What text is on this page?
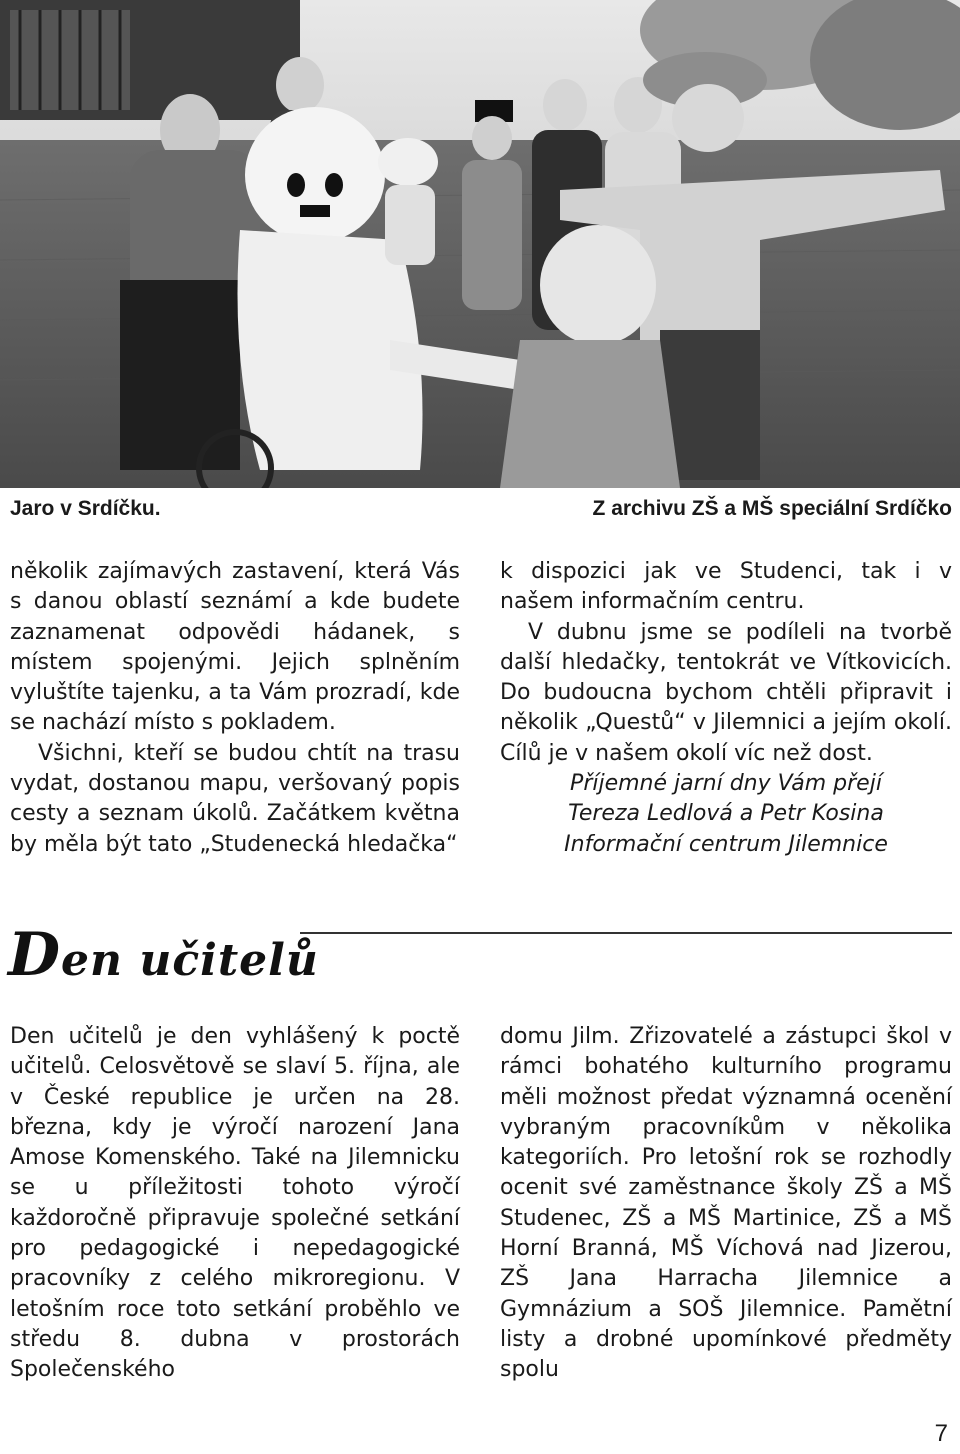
Jaro v Srdíčku.	Z archivu ZŠ a MŠ speciální Srdíčko

několik zajímavých zastavení, která Vás s danou oblastí seznámí a kde budete zaznamenat odpovědi hádanek, s místem spojenými. Jejich splněním vyluštíte tajenku, a ta Vám prozradí, kde se nachází místo s pokladem.

Všichni, kteří se budou chtít na trasu vydat, dostanou mapu, veršovaný popis cesty a seznam úkolů. Začátkem května by měla být tato „Studenecká hledačka“

k dispozici jak ve Studenci, tak i v našem informačním centru.

V dubnu jsme se podíleli na tvorbě další hledačky, tentokrát ve Vítkovicích. Do budoucna bychom chtěli připravit i několik „Questů“ v Jilemnici a jejím okolí. Cílů je v našem okolí víc než dost.

Příjemné jarní dny Vám přejí

Tereza Ledlová a Petr Kosina

Informační centrum Jilemnice

Den učitelů

Den učitelů je den vyhlášený k poctě učitelů. Celosvětově se slaví 5. října, ale v České republice je určen na 28. března, kdy je výročí narození Jana Amose Komenského. Také na Jilemnicku se u příležitosti tohoto výročí každoročně připravuje společné setkání pro pedagogické i nepedagogické pracovníky z celého mikroregionu. V letošním roce toto setkání proběhlo ve středu 8. dubna v prostorách Společenského

domu Jilm. Zřizovatelé a zástupci škol v rámci bohatého kulturního programu měli možnost předat významná ocenění vybraným pracovníkům v několika kategoriích. Pro letošní rok se rozhodly ocenit své zaměstnance školy ZŠ a MŠ Studenec, ZŠ a MŠ Martinice, ZŠ a MŠ Horní Branná, MŠ Víchová nad Jizerou, ZŠ Jana Harracha Jilemnice a Gymnázium a SOŠ Jilemnice. Pamětní listy a drobné upomínkové předměty spolu

7
